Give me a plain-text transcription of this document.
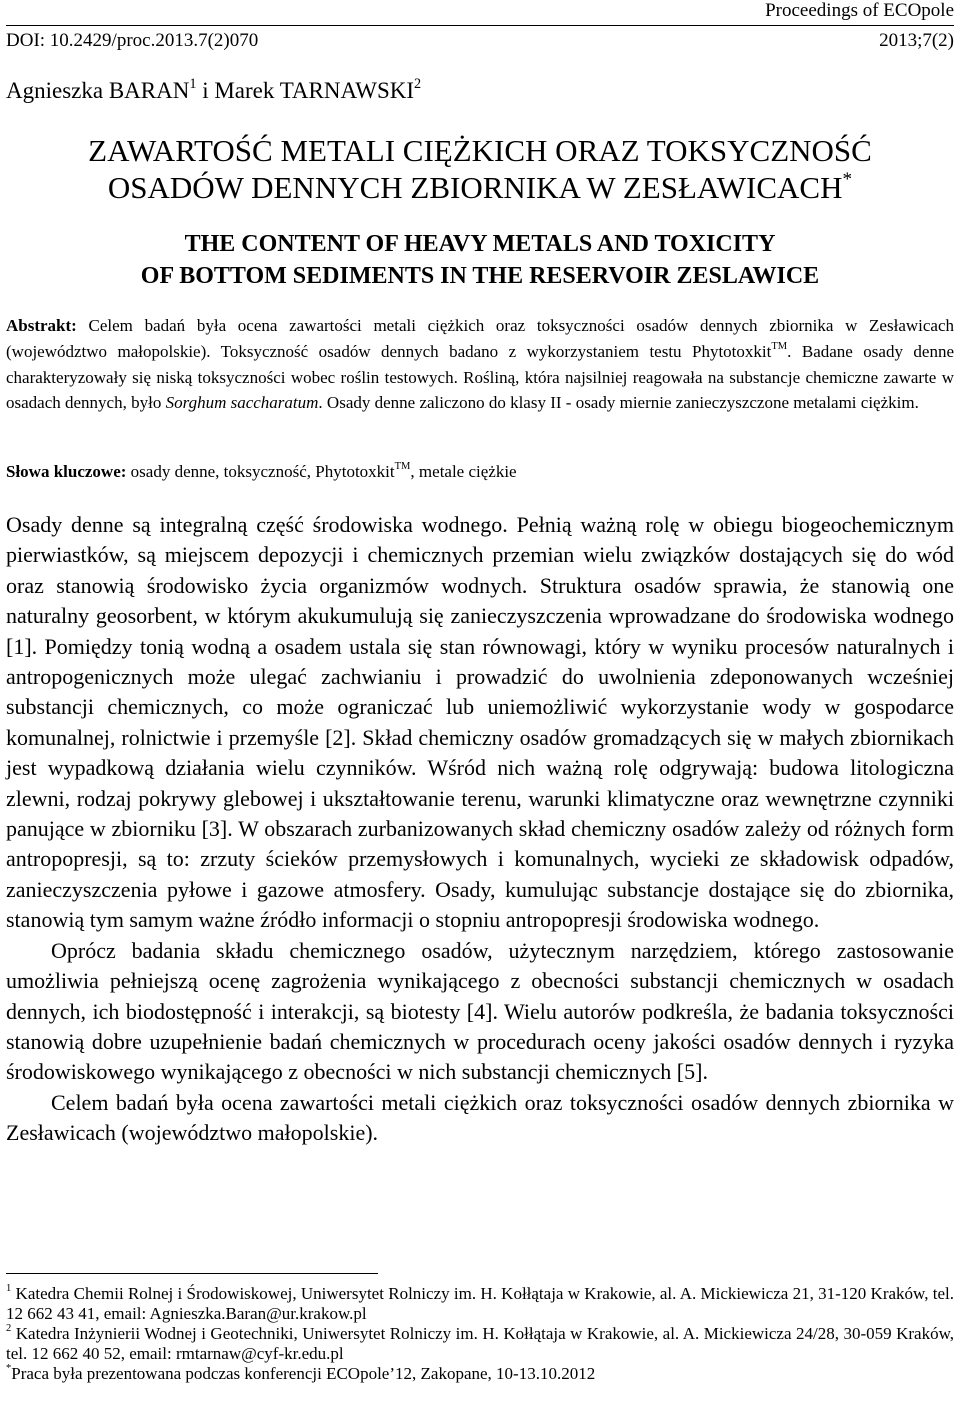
Proceedings of ECOpole
DOI: 10.2429/proc.2013.7(2)070	2013;7(2)
Agnieszka BARAN$^1$ i Marek TARNAWSKI$^2$
ZAWARTOŚĆ METALI CIĘŻKICH ORAZ TOKSYCZNOŚĆ
OSADÓW DENNYCH ZBIORNIKA W ZESŁAWICACH*
THE CONTENT OF HEAVY METALS AND TOXICITY
OF BOTTOM SEDIMENTS IN THE RESERVOIR ZESLAWICE
Abstrakt: Celem badań była ocena zawartości metali ciężkich oraz toksyczności osadów dennych zbiornika w Zesławicach (województwo małopolskie). Toksyczność osadów dennych badano z wykorzystaniem testu Phytotoxkit™. Badane osady denne charakteryzowały się niską toksyczności wobec roślin testowych. Rośliną, która najsilniej reagowała na substancje chemiczne zawarte w osadach dennych, było Sorghum saccharatum. Osady denne zaliczono do klasy II - osady miernie zanieczyszczone metalami ciężkim.
Słowa kluczowe: osady denne, toksyczność, Phytotoxkit™, metale ciężkie

Osady denne są integralną część środowiska wodnego. Pełnią ważną rolę w obiegu biogeochemicznym pierwiastków, są miejscem depozycji i chemicznych przemian wielu związków dostających się do wód oraz stanowią środowisko życia organizmów wodnych. Struktura osadów sprawia, że stanowią one naturalny geosorbent, w którym akukumulują się zanieczyszczenia wprowadzane do środowiska wodnego [1]. Pomiędzy tonią wodną a osadem ustala się stan równowagi, który w wyniku procesów naturalnych i antropogenicznych może ulegać zachwianiu i prowadzić do uwolnienia zdeponowanych wcześniej substancji chemicznych, co może ograniczać lub uniemożliwić wykorzystanie wody w gospodarce komunalnej, rolnictwie i przemyśle [2]. Skład chemiczny osadów gromadzących się w małych zbiornikach jest wypadkową działania wielu czynników. Wśród nich ważną rolę odgrywają: budowa litologiczna zlewni, rodzaj pokrywy glebowej i ukształtowanie terenu, warunki klimatyczne oraz wewnętrzne czynniki panujące w zbiorniku [3]. W obszarach zurbanizowanych skład chemiczny osadów zależy od różnych form antropopresji, są to: zrzuty ścieków przemysłowych i komunalnych, wycieki ze składowisk odpadów, zanieczyszczenia pyłowe i gazowe atmosfery. Osady, kumulując substancje dostające się do zbiornika, stanowią tym samym ważne źródło informacji o stopniu antropopresji środowiska wodnego.

Oprócz badania składu chemicznego osadów, użytecznym narzędziem, którego zastosowanie umożliwia pełniejszą ocenę zagrożenia wynikającego z obecności substancji chemicznych w osadach dennych, ich biodostępność i interakcji, są biotesty [4]. Wielu autorów podkreśla, że badania toksyczności stanowią dobre uzupełnienie badań chemicznych w procedurach oceny jakości osadów dennych i ryzyka środowiskowego wynikającego z obecności w nich substancji chemicznych [5].

Celem badań była ocena zawartości metali ciężkich oraz toksyczności osadów dennych zbiornika w Zesławicach (województwo małopolskie).

$^1$ Katedra Chemii Rolnej i Środowiskowej, Uniwersytet Rolniczy im. H. Kołłątaja w Krakowie, al. A. Mickiewicza 21, 31-120 Kraków, tel. 12 662 43 41, email: Agnieszka.Baran@ur.krakow.pl

$^2$ Katedra Inżynierii Wodnej i Geotechniki, Uniwersytet Rolniczy im. H. Kołłątaja w Krakowie, al. A. Mickiewicza 24/28, 30-059 Kraków, tel. 12 662 40 52, email: rmtarnaw@cyf-kr.edu.pl

*Praca była prezentowana podczas konferencji ECOpole’12, Zakopane, 10-13.10.2012
